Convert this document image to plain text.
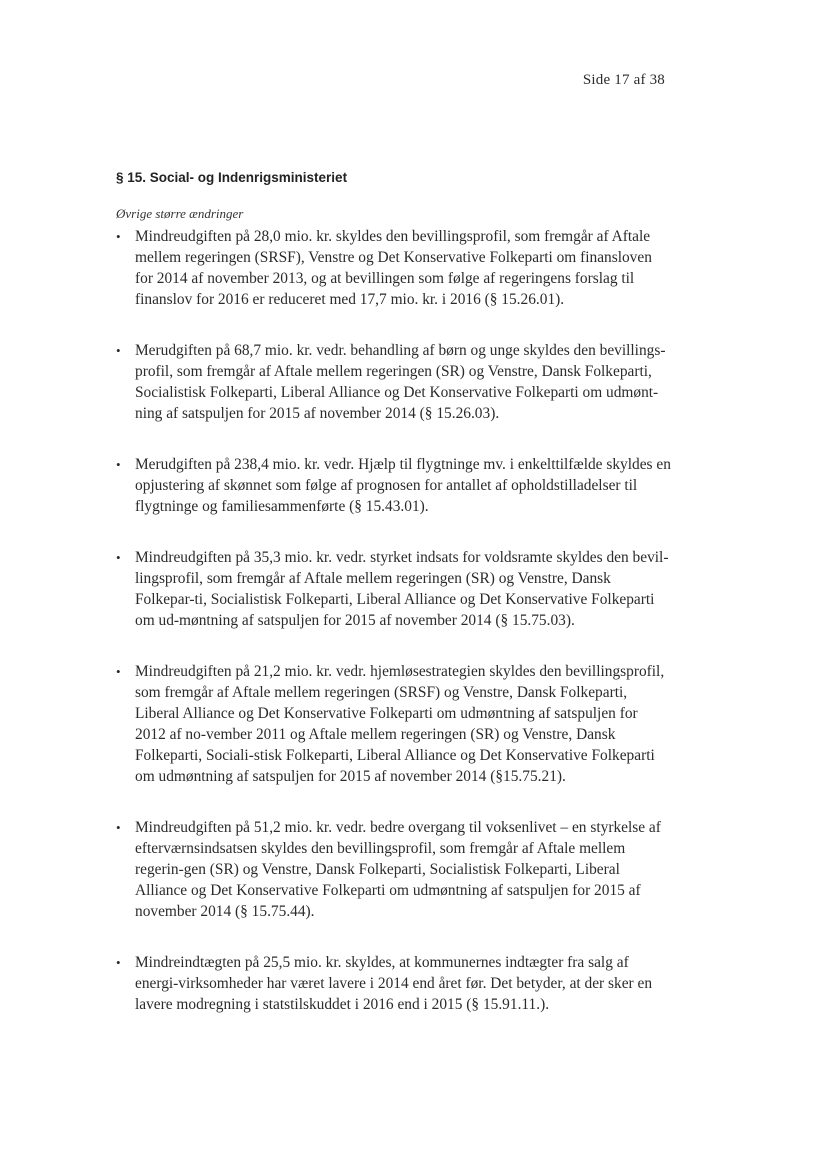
Side 17 af 38
§ 15. Social- og Indenrigsministeriet
Øvrige større ændringer
• Mindreudgiften på 28,0 mio. kr. skyldes den bevillingsprofil, som fremgår af Aftale mellem regeringen (SRSF), Venstre og Det Konservative Folkeparti om finansloven for 2014 af november 2013, og at bevillingen som følge af regeringens forslag til finanslov for 2016 er reduceret med 17,7 mio. kr. i 2016 (§ 15.26.01).
• Merudgiften på 68,7 mio. kr. vedr. behandling af børn og unge skyldes den bevillings-profil, som fremgår af Aftale mellem regeringen (SR) og Venstre, Dansk Folkeparti, Socialistisk Folkeparti, Liberal Alliance og Det Konservative Folkeparti om udmønt-ning af satspuljen for 2015 af november 2014 (§ 15.26.03).
• Merudgiften på 238,4 mio. kr. vedr. Hjælp til flygtninge mv. i enkelttilfælde skyldes en opjustering af skønnet som følge af prognosen for antallet af opholdstilladelser til flygtninge og familiesammenførte (§ 15.43.01).
• Mindreudgiften på 35,3 mio. kr. vedr. styrket indsats for voldsramte skyldes den bevil-lingsprofil, som fremgår af Aftale mellem regeringen (SR) og Venstre, Dansk Folkepar-ti, Socialistisk Folkeparti, Liberal Alliance og Det Konservative Folkeparti om ud-møntning af satspuljen for 2015 af november 2014 (§ 15.75.03).
• Mindreudgiften på 21,2 mio. kr. vedr. hjemløsestrategien skyldes den bevillingsprofil, som fremgår af Aftale mellem regeringen (SRSF) og Venstre, Dansk Folkeparti, Liberal Alliance og Det Konservative Folkeparti om udmøntning af satspuljen for 2012 af no-vember 2011 og Aftale mellem regeringen (SR) og Venstre, Dansk Folkeparti, Sociali-stisk Folkeparti, Liberal Alliance og Det Konservative Folkeparti om udmøntning af satspuljen for 2015 af november 2014 (§15.75.21).
• Mindreudgiften på 51,2 mio. kr. vedr. bedre overgang til voksenlivet – en styrkelse af efterværnsindsatsen skyldes den bevillingsprofil, som fremgår af Aftale mellem regerin-gen (SR) og Venstre, Dansk Folkeparti, Socialistisk Folkeparti, Liberal Alliance og Det Konservative Folkeparti om udmøntning af satspuljen for 2015 af november 2014 (§ 15.75.44).
• Mindreindtægten på 25,5 mio. kr. skyldes, at kommunernes indtægter fra salg af energi-virksomheder har været lavere i 2014 end året før. Det betyder, at der sker en lavere modregning i statstilskuddet i 2016 end i 2015 (§ 15.91.11.).
